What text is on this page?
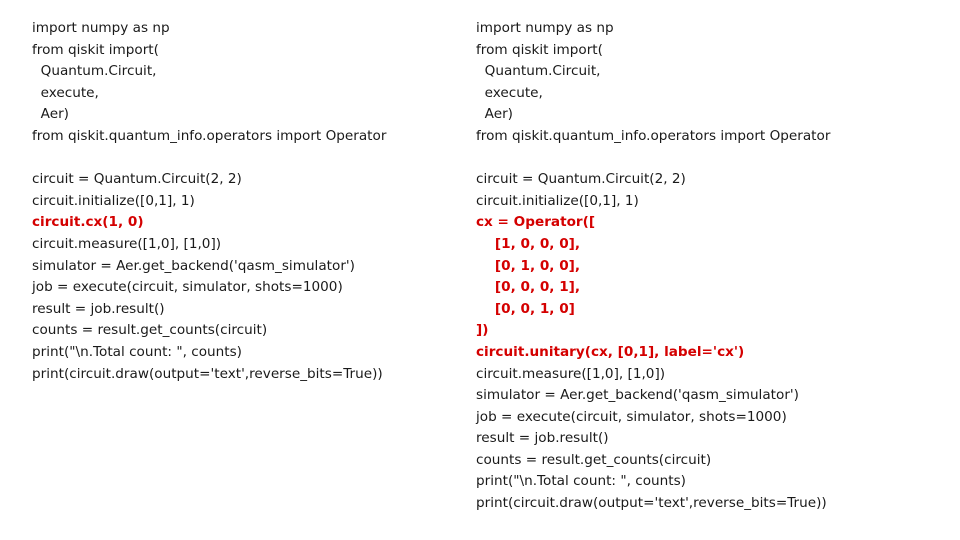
import numpy as np
from qiskit import(
Quantum.Circuit,
execute,
Aer)
from qiskit.quantum_info.operators import Operator
circuit = Quantum.Circuit(2, 2)
circuit.initialize([0,1], 1)
circuit.cx(1, 0)
circuit.measure([1,0], [1,0])
simulator = Aer.get_backend('qasm_simulator')
job = execute(circuit, simulator, shots=1000)
result = job.result()
counts = result.get_counts(circuit)
print("\n.Total count: ", counts)
print(circuit.draw(output='text',reverse_bits=True))
import numpy as np
from qiskit import(
Quantum.Circuit,
execute,
Aer)
from qiskit.quantum_info.operators import Operator
circuit = Quantum.Circuit(2, 2)
circuit.initialize([0,1], 1)
cx = Operator([
[1, 0, 0, 0],
[0, 1, 0, 0],
[0, 0, 0, 1],
[0, 0, 1, 0]
])
circuit.unitary(cx, [0,1], label='cx')
circuit.measure([1,0], [1,0])
simulator = Aer.get_backend('qasm_simulator')
job = execute(circuit, simulator, shots=1000)
result = job.result()
counts = result.get_counts(circuit)
print("\n.Total count: ", counts)
print(circuit.draw(output='text',reverse_bits=True))
